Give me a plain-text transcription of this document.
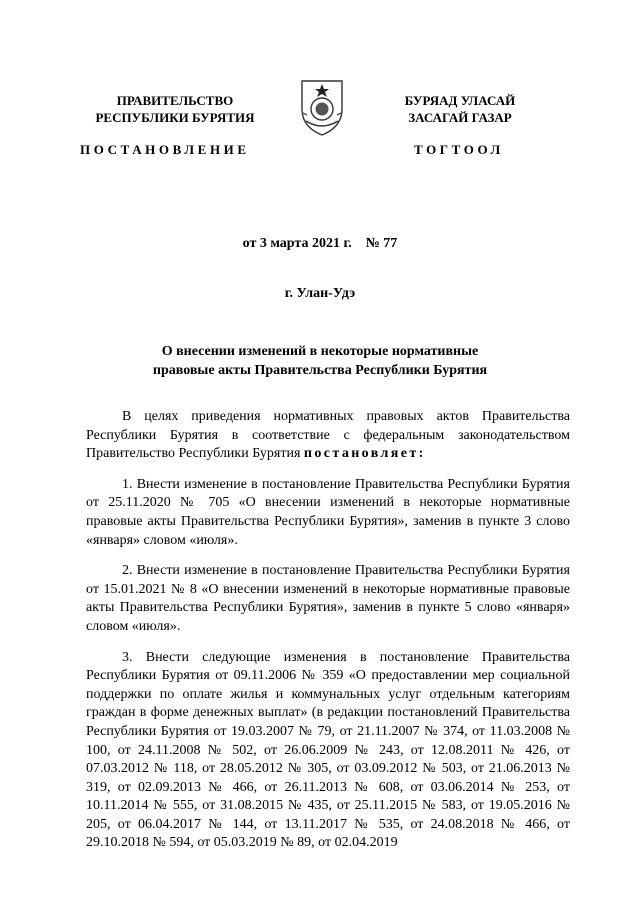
ПРАВИТЕЛЬСТВО
РЕСПУБЛИКИ БУРЯТИЯ
БУРЯАД УЛАСАЙ
ЗАСАГАЙ ГАЗАР
ПОСТАНОВЛЕНИЕ	ТОГТООЛ
от 3 марта 2021 г.    № 77
г. Улан-Удэ
О внесении изменений в некоторые нормативные
правовые акты Правительства Республики Бурятия

В целях приведения нормативных правовых актов Правительства Республики Бурятия в соответствие с федеральным законодательством Правительство Республики Бурятия постановляет:

1. Внести изменение в постановление Правительства Республики Бурятия от 25.11.2020 № 705 «О внесении изменений в некоторые нормативные правовые акты Правительства Республики Бурятия», заменив в пункте 3 слово «января» словом «июля».

2. Внести изменение в постановление Правительства Республики Бурятия от 15.01.2021 № 8 «О внесении изменений в некоторые нормативные правовые акты Правительства Республики Бурятия», заменив в пункте 5 слово «января» словом «июля».

3. Внести следующие изменения в постановление Правительства Республики Бурятия от 09.11.2006 № 359 «О предоставлении мер социальной поддержки по оплате жилья и коммунальных услуг отдельным категориям граждан в форме денежных выплат» (в редакции постановлений Правительства Республики Бурятия от 19.03.2007 № 79, от 21.11.2007 № 374, от 11.03.2008 № 100, от 24.11.2008 № 502, от 26.06.2009 № 243, от 12.08.2011 № 426, от 07.03.2012 № 118, от 28.05.2012 № 305, от 03.09.2012 № 503, от 21.06.2013 № 319, от 02.09.2013 № 466, от 26.11.2013 № 608, от 03.06.2014 № 253, от 10.11.2014 № 555, от 31.08.2015 № 435, от 25.11.2015 № 583, от 19.05.2016 № 205, от 06.04.2017 № 144, от 13.11.2017 № 535, от 24.08.2018 № 466, от 29.10.2018 № 594, от 05.03.2019 № 89, от 02.04.2019
